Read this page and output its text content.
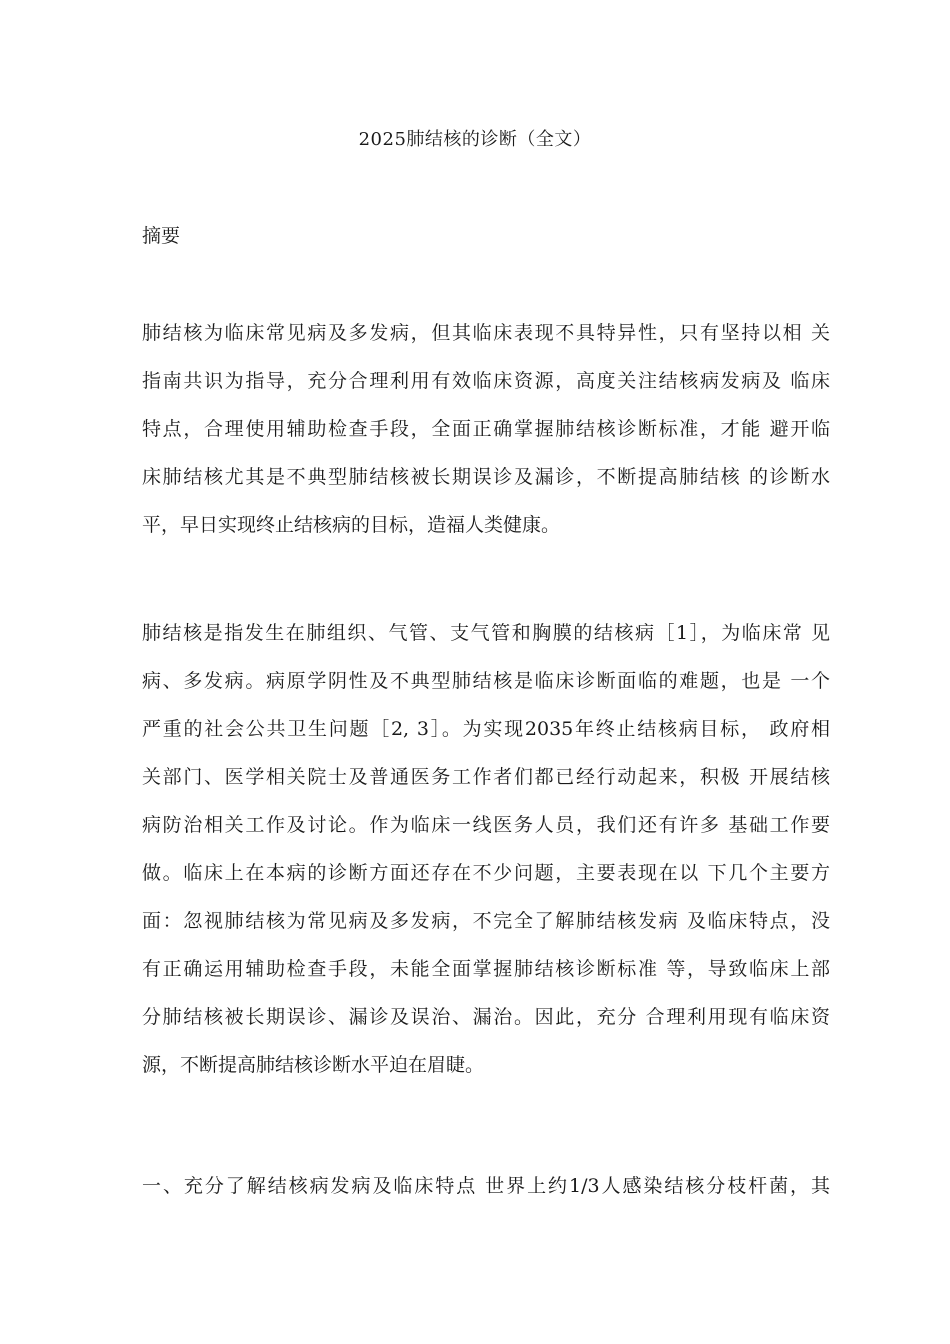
2025肺结核的诊断（全文）
摘要
肺结核为临床常见病及多发病，但其临床表现不具特异性，只有坚持以相 关
指南共识为指导，充分合理利用有效临床资源，高度关注结核病发病及 临床
特点，合理使用辅助检查手段，全面正确掌握肺结核诊断标准，才能 避开临
床肺结核尤其是不典型肺结核被长期误诊及漏诊，不断提高肺结核 的诊断水
平，早日实现终止结核病的目标，造福人类健康。
肺结核是指发生在肺组织、气管、支气管和胸膜的结核病［1］，为临床常 见
病、多发病。病原学阴性及不典型肺结核是临床诊断面临的难题，也是 一个
严重的社会公共卫生问题［2, 3］。为实现2035年终止结核病目标， 政府相
关部门、医学相关院士及普通医务工作者们都已经行动起来，积极 开展结核
病防治相关工作及讨论。作为临床一线医务人员，我们还有许多 基础工作要
做。临床上在本病的诊断方面还存在不少问题，主要表现在以 下几个主要方
面：忽视肺结核为常见病及多发病，不完全了解肺结核发病 及临床特点，没
有正确运用辅助检查手段，未能全面掌握肺结核诊断标准 等，导致临床上部
分肺结核被长期误诊、漏诊及误治、漏治。因此，充分 合理利用现有临床资
源，不断提高肺结核诊断水平迫在眉睫。
一、充分了解结核病发病及临床特点 世界上约1/3人感染结核分枝杆菌，其
